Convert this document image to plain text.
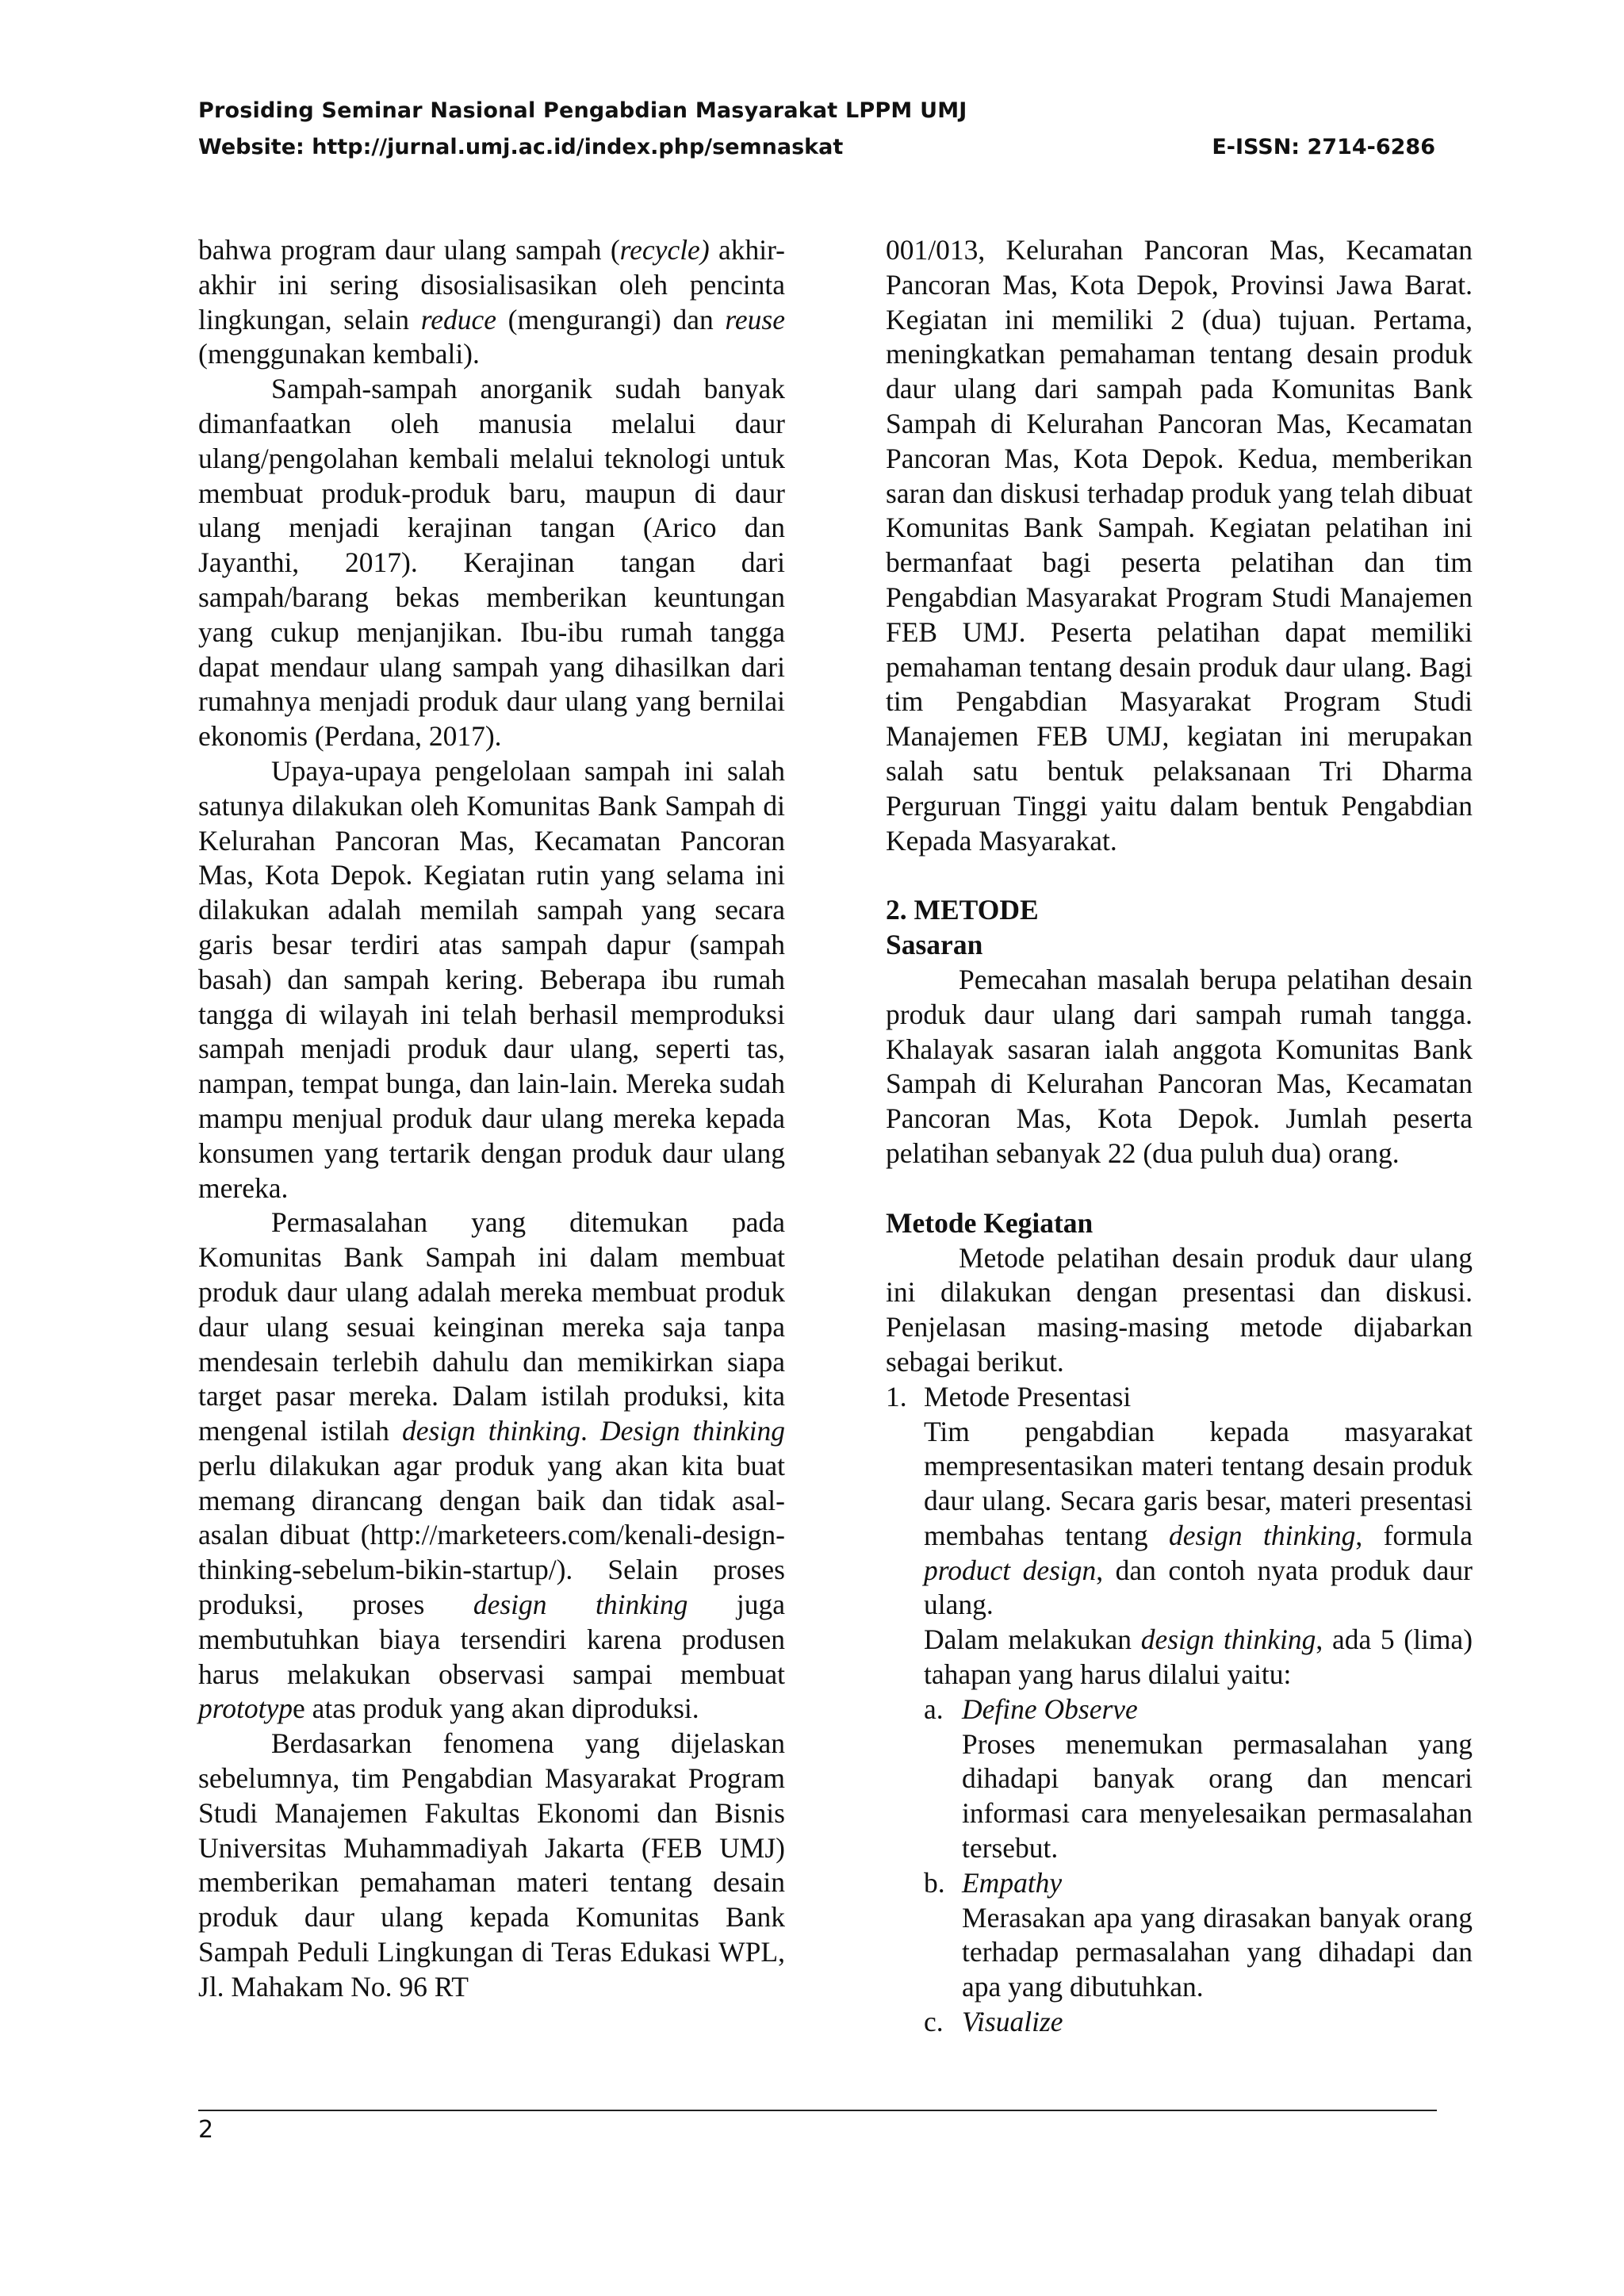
Prosiding Seminar Nasional Pengabdian Masyarakat LPPM UMJ
Website: http://jurnal.umj.ac.id/index.php/semnaskat	E-ISSN: 2714-6286

bahwa program daur ulang sampah (recycle) akhir-akhir ini sering disosialisasikan oleh pencinta lingkungan, selain reduce (mengurangi) dan reuse (menggunakan kembali).

Sampah-sampah anorganik sudah banyak dimanfaatkan oleh manusia melalui daur ulang/pengolahan kembali melalui teknologi untuk membuat produk-produk baru, maupun di daur ulang menjadi kerajinan tangan (Arico dan Jayanthi, 2017). Kerajinan tangan dari sampah/barang bekas memberikan keuntungan yang cukup menjanjikan. Ibu-ibu rumah tangga dapat mendaur ulang sampah yang dihasilkan dari rumahnya menjadi produk daur ulang yang bernilai ekonomis (Perdana, 2017).

Upaya-upaya pengelolaan sampah ini salah satunya dilakukan oleh Komunitas Bank Sampah di Kelurahan Pancoran Mas, Kecamatan Pancoran Mas, Kota Depok. Kegiatan rutin yang selama ini dilakukan adalah memilah sampah yang secara garis besar terdiri atas sampah dapur (sampah basah) dan sampah kering. Beberapa ibu rumah tangga di wilayah ini telah berhasil memproduksi sampah menjadi produk daur ulang, seperti tas, nampan, tempat bunga, dan lain-lain. Mereka sudah mampu menjual produk daur ulang mereka kepada konsumen yang tertarik dengan produk daur ulang mereka.

Permasalahan yang ditemukan pada Komunitas Bank Sampah ini dalam membuat produk daur ulang adalah mereka membuat produk daur ulang sesuai keinginan mereka saja tanpa mendesain terlebih dahulu dan memikirkan siapa target pasar mereka. Dalam istilah produksi, kita mengenal istilah design thinking. Design thinking perlu dilakukan agar produk yang akan kita buat memang dirancang dengan baik dan tidak asal-asalan dibuat (http://marketeers.com/kenali-design-thinking-sebelum-bikin-startup/). Selain proses produksi, proses design thinking juga membutuhkan biaya tersendiri karena produsen harus melakukan observasi sampai membuat prototype atas produk yang akan diproduksi.

Berdasarkan fenomena yang dijelaskan sebelumnya, tim Pengabdian Masyarakat Program Studi Manajemen Fakultas Ekonomi dan Bisnis Universitas Muhammadiyah Jakarta (FEB UMJ) memberikan pemahaman materi tentang desain produk daur ulang kepada Komunitas Bank Sampah Peduli Lingkungan di Teras Edukasi WPL, Jl. Mahakam No. 96 RT

001/013, Kelurahan Pancoran Mas, Kecamatan Pancoran Mas, Kota Depok, Provinsi Jawa Barat. Kegiatan ini memiliki 2 (dua) tujuan. Pertama, meningkatkan pemahaman tentang desain produk daur ulang dari sampah pada Komunitas Bank Sampah di Kelurahan Pancoran Mas, Kecamatan Pancoran Mas, Kota Depok. Kedua, memberikan saran dan diskusi terhadap produk yang telah dibuat Komunitas Bank Sampah. Kegiatan pelatihan ini bermanfaat bagi peserta pelatihan dan tim Pengabdian Masyarakat Program Studi Manajemen FEB UMJ. Peserta pelatihan dapat memiliki pemahaman tentang desain produk daur ulang. Bagi tim Pengabdian Masyarakat Program Studi Manajemen FEB UMJ, kegiatan ini merupakan salah satu bentuk pelaksanaan Tri Dharma Perguruan Tinggi yaitu dalam bentuk Pengabdian Kepada Masyarakat.

2. METODE

Sasaran

Pemecahan masalah berupa pelatihan desain produk daur ulang dari sampah rumah tangga. Khalayak sasaran ialah anggota Komunitas Bank Sampah di Kelurahan Pancoran Mas, Kecamatan Pancoran Mas, Kota Depok. Jumlah peserta pelatihan sebanyak 22 (dua puluh dua) orang.

Metode Kegiatan

Metode pelatihan desain produk daur ulang ini dilakukan dengan presentasi dan diskusi. Penjelasan masing-masing metode dijabarkan sebagai berikut.

1. Metode Presentasi

Tim pengabdian kepada masyarakat mempresentasikan materi tentang desain produk daur ulang. Secara garis besar, materi presentasi membahas tentang design thinking, formula product design, dan contoh nyata produk daur ulang.

Dalam melakukan design thinking, ada 5 (lima) tahapan yang harus dilalui yaitu:

a. Define Observe

Proses menemukan permasalahan yang dihadapi banyak orang dan mencari informasi cara menyelesaikan permasalahan tersebut.

b. Empathy

Merasakan apa yang dirasakan banyak orang terhadap permasalahan yang dihadapi dan apa yang dibutuhkan.

c. Visualize
2
